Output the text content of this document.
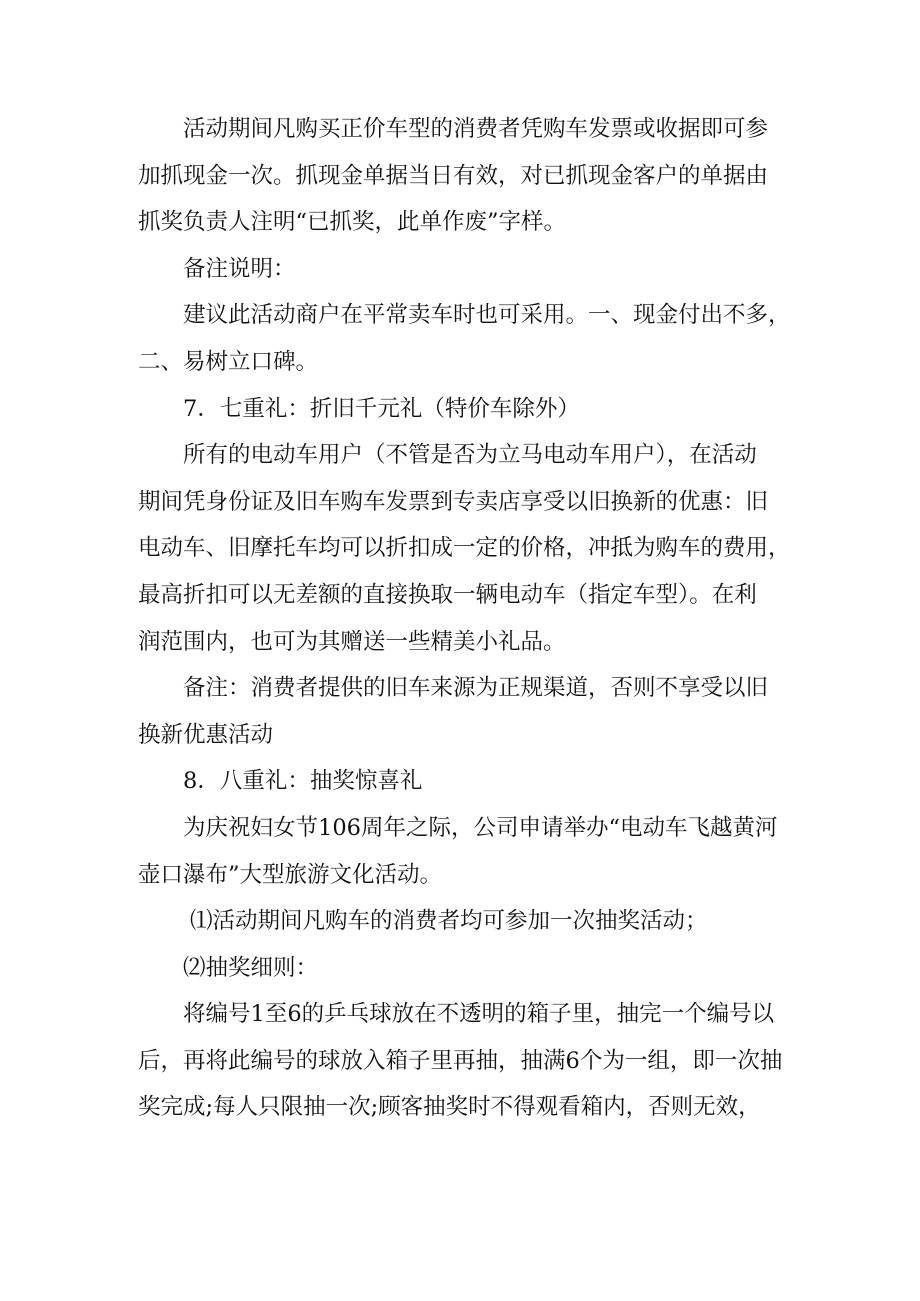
活动期间凡购买正价车型的消费者凭购车发票或收据即可参

加抓现金一次。抓现金单据当日有效，对已抓现金客户的单据由

抓奖负责人注明“已抓奖，此单作废”字样。

备注说明：

建议此活动商户在平常卖车时也可采用。一、现金付出不多，

二、易树立口碑。

7．七重礼：折旧千元礼（特价车除外）

所有的电动车用户（不管是否为立马电动车用户），在活动

期间凭身份证及旧车购车发票到专卖店享受以旧换新的优惠：旧

电动车、旧摩托车均可以折扣成一定的价格，冲抵为购车的费用，

最高折扣可以无差额的直接换取一辆电动车（指定车型）。在利

润范围内，也可为其赠送一些精美小礼品。

备注：消费者提供的旧车来源为正规渠道，否则不享受以旧

换新优惠活动

8．八重礼：抽奖惊喜礼

为庆祝妇女节106周年之际，公司申请举办“电动车飞越黄河

壶口瀑布”大型旅游文化活动。

⑴活动期间凡购车的消费者均可参加一次抽奖活动；

⑵抽奖细则：

将编号1至6的乒乓球放在不透明的箱子里，抽完一个编号以

后，再将此编号的球放入箱子里再抽，抽满6个为一组，即一次抽

奖完成;每人只限抽一次;顾客抽奖时不得观看箱内，否则无效，
